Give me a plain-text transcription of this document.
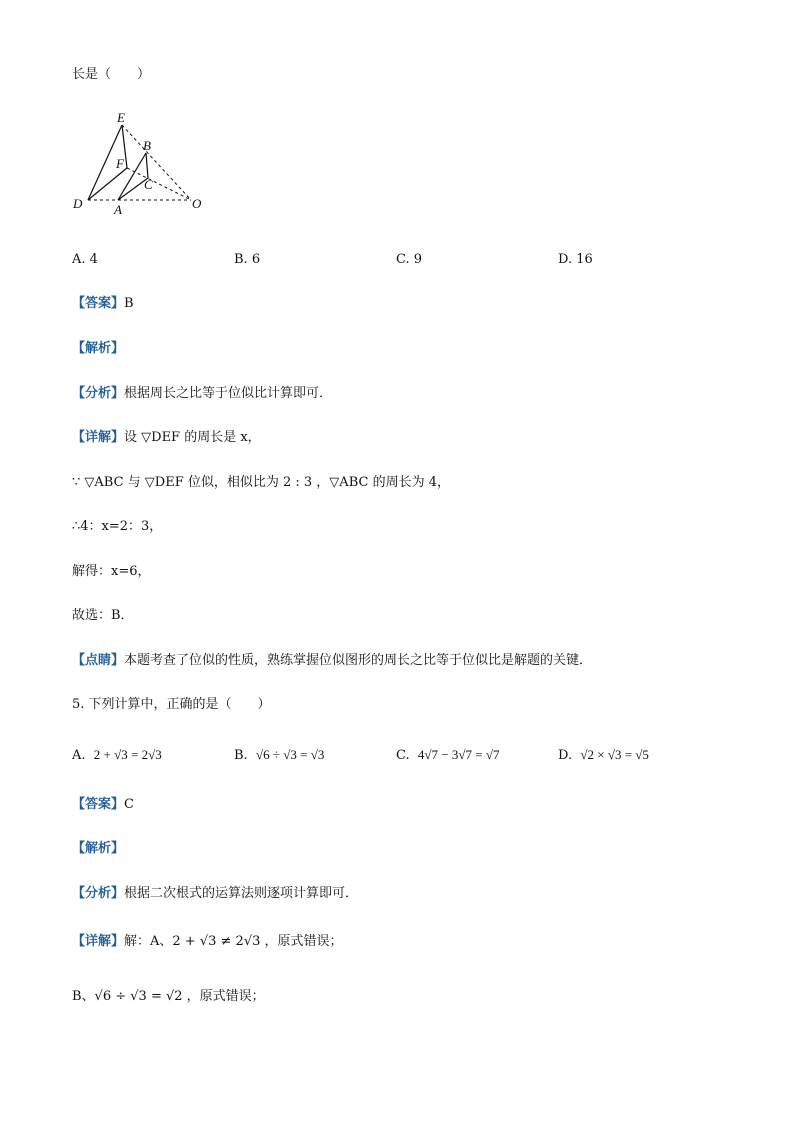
长是（　　）
E
B
F
C
D A	O
A. 4	B. 6	C. 9	D. 16
【答案】B
【解析】
【分析】根据周长之比等于位似比计算即可．
【详解】设 ▽DEF 的周长是 x，
∵ ▽ABC 与 ▽DEF 位似，相似比为 2 : 3 ，▽ABC 的周长为 4，
∴4：x=2：3，
解得：x=6，
故选：B．
【点睛】本题考查了位似的性质，熟练掌握位似图形的周长之比等于位似比是解题的关键．
5. 下列计算中，正确的是（　　）
A. 2 + √3 = 2√3	B. √6 ÷ √3 = √3	C. 4√7 − 3√7 = √7	D. √2 × √3 = √5
【答案】C
【解析】
【分析】根据二次根式的运算法则逐项计算即可．
【详解】解：A、2 + √3 ≠ 2√3 ，原式错误；
B、√6 ÷ √3 = √2 ，原式错误；
